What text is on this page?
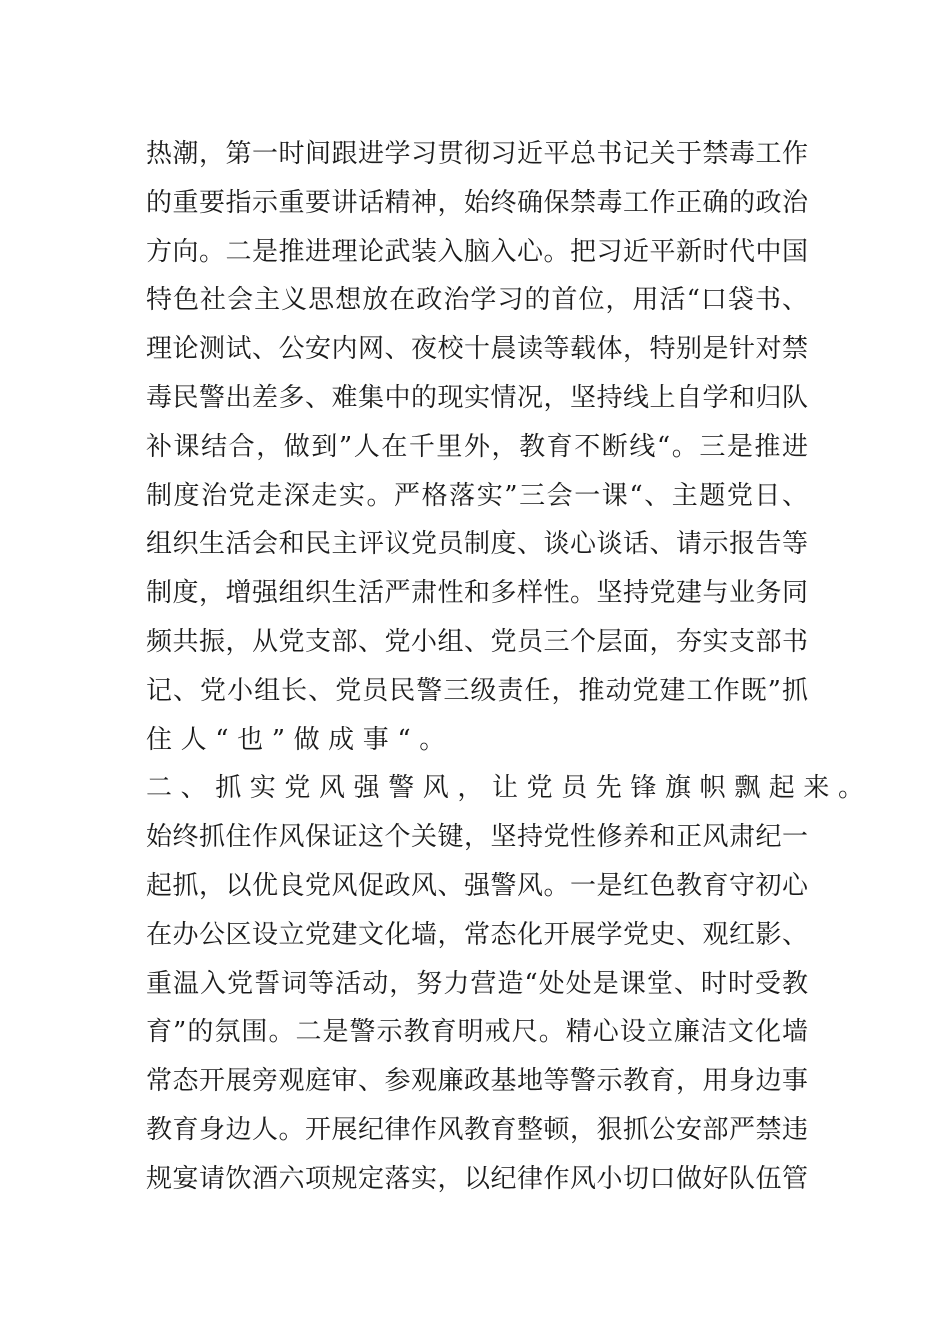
热潮，第一时间跟进学习贯彻习近平总书记关于禁毒工作
的重要指示重要讲话精神，始终确保禁毒工作正确的政治
方向。二是推进理论武装入脑入心。把习近平新时代中国
特色社会主义思想放在政治学习的首位，用活“口袋书、
理论测试、公安内网、夜校十晨读等载体，特别是针对禁
毒民警出差多、难集中的现实情况，坚持线上自学和归队
补课结合，做到”人在千里外，教育不断线“。三是推进
制度治党走深走实。严格落实”三会一课“、主题党日、
组织生活会和民主评议党员制度、谈心谈话、请示报告等
制度，增强组织生活严肃性和多样性。坚持党建与业务同
频共振，从党支部、党小组、党员三个层面，夯实支部书
记、党小组长、党员民警三级责任，推动党建工作既”抓
住人“也”做成事“。
二、抓实党风强警风，让党员先锋旗帜飘起来。
始终抓住作风保证这个关键，坚持党性修养和正风肃纪一
起抓，以优良党风促政风、强警风。一是红色教育守初心
在办公区设立党建文化墙，常态化开展学党史、观红影、
重温入党誓词等活动，努力营造“处处是课堂、时时受教
育”的氛围。二是警示教育明戒尺。精心设立廉洁文化墙
常态开展旁观庭审、参观廉政基地等警示教育，用身边事
教育身边人。开展纪律作风教育整顿，狠抓公安部严禁违
规宴请饮酒六项规定落实，以纪律作风小切口做好队伍管
